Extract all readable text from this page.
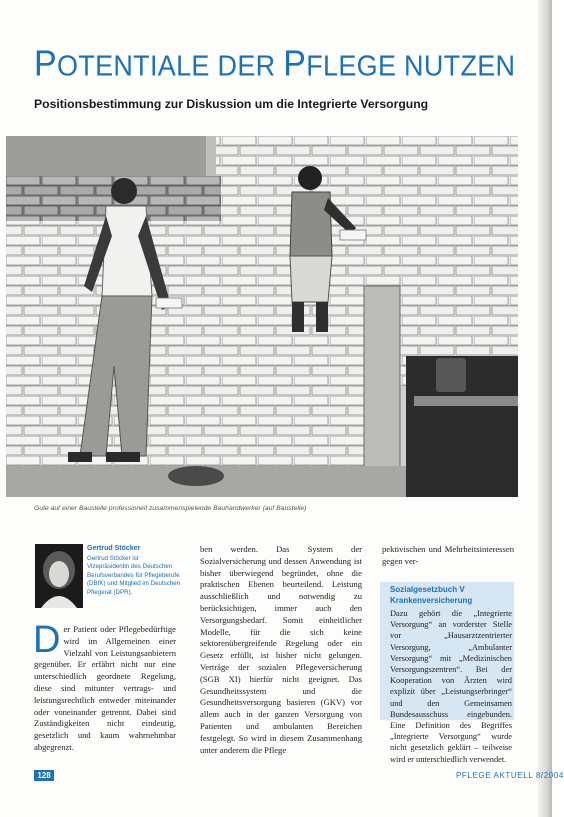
POTENTIALE DER PFLEGE NUTZEN
Positionsbestimmung zur Diskussion um die Integrierte Versorgung
Gute auf einer Baustelle professionell zusammenspielende Bauhandwerker (auf Baustelle)
Gertrud Stöcker
Gertrud Stöcker ist Vizepräsidentin des Deutschen Berufsverbandes für Pflegeberufe (DBfK) und Mitglied im Deutschen Pflegerat (DPR).
Der Patient oder Pflegebedürftige wird im Allgemeinen einer Vielzahl von Leistungsanbietern gegenüber. Er erfährt nicht nur eine unterschiedlich geordnete Regelung, diese sind mitunter vertrags- und leistungsrechtlich entweder miteinander oder voneinander getrennt. Dabei sind Zuständigkeiten nicht eindeutig, gesetzlich und kaum wahrnehmbar abgegrenzt.
ben werden. Das System der Sozialversicherung und dessen Anwendung ist bisher überwiegend begründet, ohne die praktischen Ebenen beurteilend. Leistung ausschließlich und notwendig zu berücksichtigen, immer auch den Versorgungsbedarf. Somit einheitlicher Modelle, für die sich keine sektorenübergreifende Regelung oder ein Gesetz erfüllt, ist bisher nicht gelungen. Verträge der sozialen Pflegeversicherung (SGB XI) hierfür nicht geeignet. Das Gesundheitssystem und die Gesundheitsversorgung basieren (GKV) vor allem auch in der ganzen Versorgung von Patienten und ambulanten Bereichen festgelegt. So wird in diesem Zusammenhang unter anderem die Pflege
pektivischen und Mehrheitsinteressen gegen ver-
Sozialgesetzbuch V Krankenversicherung
Dazu gehört die „Integrierte Versorgung“ an vorderster Stelle vor „Hausarztzentrierter Versorgung, „Ambulanter Versorgung“ mit „Medizinischen Versorgungszentren“. Bei der Kooperation von Ärzten wird explizit über „Leistungserbringer“ und den Gemeinsamen Bundesausschuss eingebunden. Eine Definition des Begriffes „Integrierte Versorgung“ wurde nicht gesetzlich geklärt – teilweise wird er unterschiedlich verwendet.
128	PFLEGE AKTUELL 8/2004
